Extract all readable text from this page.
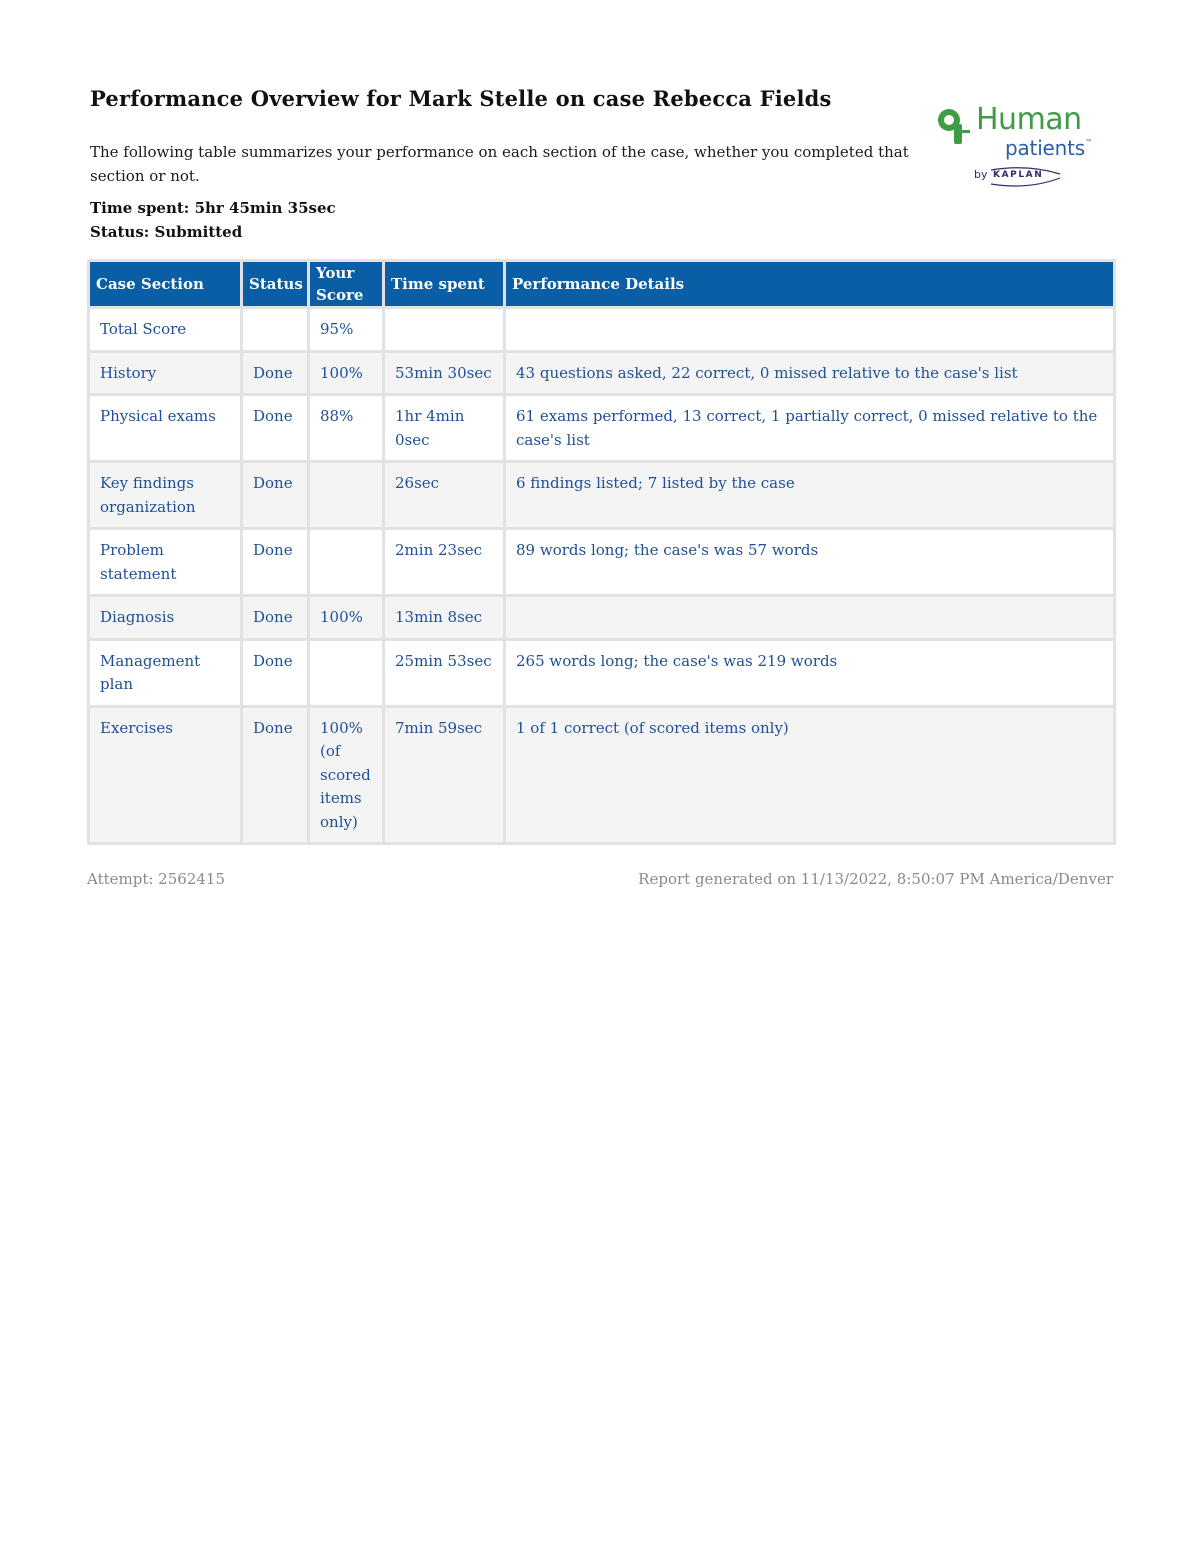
Performance Overview for Mark Stelle on case Rebecca Fields
The following table summarizes your performance on each section of the case, whether you completed that section or not.
Time spent: 5hr 45min 35sec
Status: Submitted
Human
patients™
by KAPLAN
Case Section	Status	Your Score	Time spent	Performance Details
Total Score		95%		
History	Done	100%	53min 30sec	43 questions asked, 22 correct, 0 missed relative to the case's list
Physical exams	Done	88%	1hr 4min 0sec	61 exams performed, 13 correct, 1 partially correct, 0 missed relative to the case's list
Key findings organization	Done		26sec	6 findings listed; 7 listed by the case
Problem statement	Done		2min 23sec	89 words long; the case's was 57 words
Diagnosis	Done	100%	13min 8sec	
Management plan	Done		25min 53sec	265 words long; the case's was 219 words
Exercises	Done	100% (of scored items only)	7min 59sec	1 of 1 correct (of scored items only)
Attempt: 2562415	Report generated on 11/13/2022, 8:50:07 PM America/Denver
